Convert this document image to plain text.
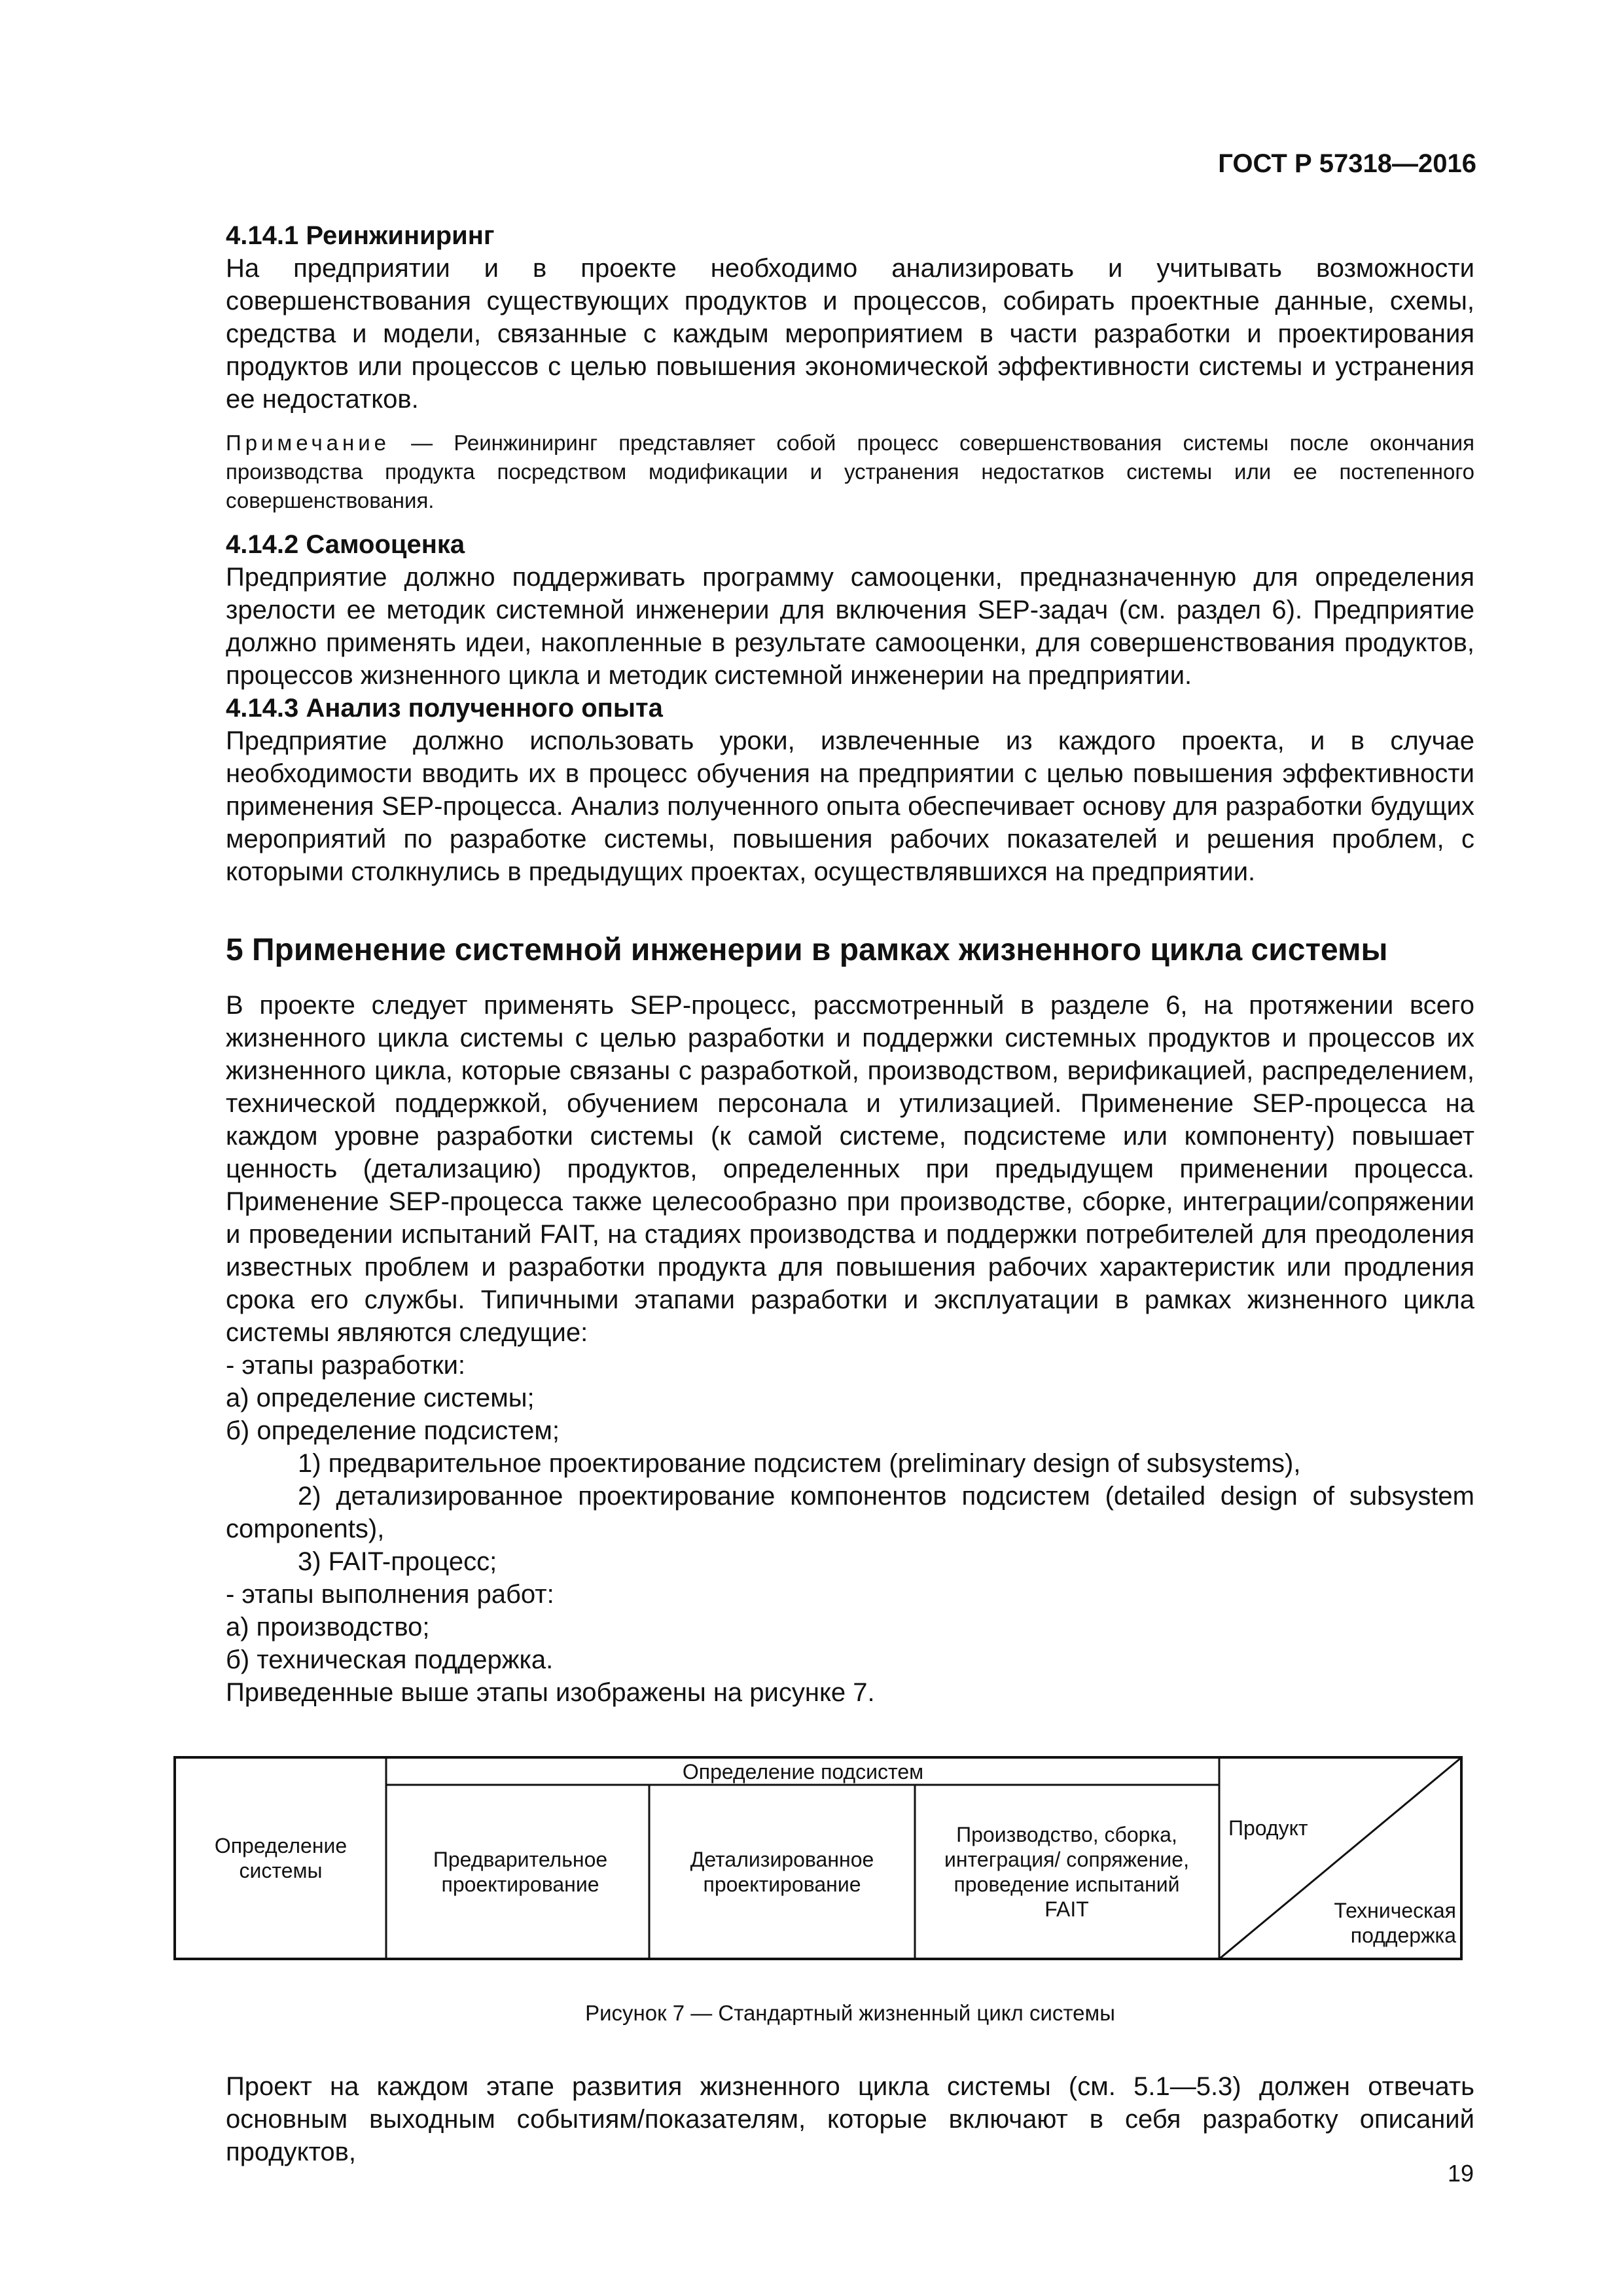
ГОСТ Р 57318—2016

4.14.1 Реинжиниринг

На предприятии и в проекте необходимо анализировать и учитывать возможности совершенствования существующих продуктов и процессов, собирать проектные данные, схемы, средства и модели, связанные с каждым мероприятием в части разработки и проектирования продуктов или процессов с целью повышения экономической эффективности системы и устранения ее недостатков.

Примечание — Реинжиниринг представляет собой процесс совершенствования системы после окончания производства продукта посредством модификации и устранения недостатков системы или ее постепенного совершенствования.

4.14.2 Самооценка

Предприятие должно поддерживать программу самооценки, предназначенную для определения зрелости ее методик системной инженерии для включения SEP-задач (см. раздел 6). Предприятие должно применять идеи, накопленные в результате самооценки, для совершенствования продуктов, процессов жизненного цикла и методик системной инженерии на предприятии.

4.14.3 Анализ полученного опыта

Предприятие должно использовать уроки, извлеченные из каждого проекта, и в случае необходимости вводить их в процесс обучения на предприятии с целью повышения эффективности применения SEP-процесса. Анализ полученного опыта обеспечивает основу для разработки будущих мероприятий по разработке системы, повышения рабочих показателей и решения проблем, с которыми столкнулись в предыдущих проектах, осуществлявшихся на предприятии.

5 Применение системной инженерии в рамках жизненного цикла системы

В проекте следует применять SEP-процесс, рассмотренный в разделе 6, на протяжении всего жизненного цикла системы с целью разработки и поддержки системных продуктов и процессов их жизненного цикла, которые связаны с разработкой, производством, верификацией, распределением, технической поддержкой, обучением персонала и утилизацией. Применение SEP-процесса на каждом уровне разработки системы (к самой системе, подсистеме или компоненту) повышает ценность (детализацию) продуктов, определенных при предыдущем применении процесса. Применение SEP-процесса также целесообразно при производстве, сборке, интеграции/сопряжении и проведении испытаний FAIT, на стадиях производства и поддержки потребителей для преодоления известных проблем и разработки продукта для повышения рабочих характеристик или продления срока его службы. Типичными этапами разработки и эксплуатации в рамках жизненного цикла системы являются следущие:

- этапы разработки:

а) определение системы;

б) определение подсистем;

1) предварительное проектирование подсистем (preliminary design of subsystems),

2) детализированное проектирование компонентов подсистем (detailed design of subsystem components),

3) FAIT-процесс;

- этапы выполнения работ:

а) производство;

б) техническая поддержка.

Приведенные выше этапы изображены на рисунке 7.

Определение системы
Определение подсистем
Предварительное проектирование
Детализированное проектирование
Производство, сборка, интеграция/ сопряжение, проведение испытаний FAIT
Продукт
Техническая поддержка

Рисунок 7 — Стандартный жизненный цикл системы

Проект на каждом этапе развития жизненного цикла системы (см. 5.1—5.3) должен отвечать основным выходным событиям/показателям, которые включают в себя разработку описаний продуктов,

19
